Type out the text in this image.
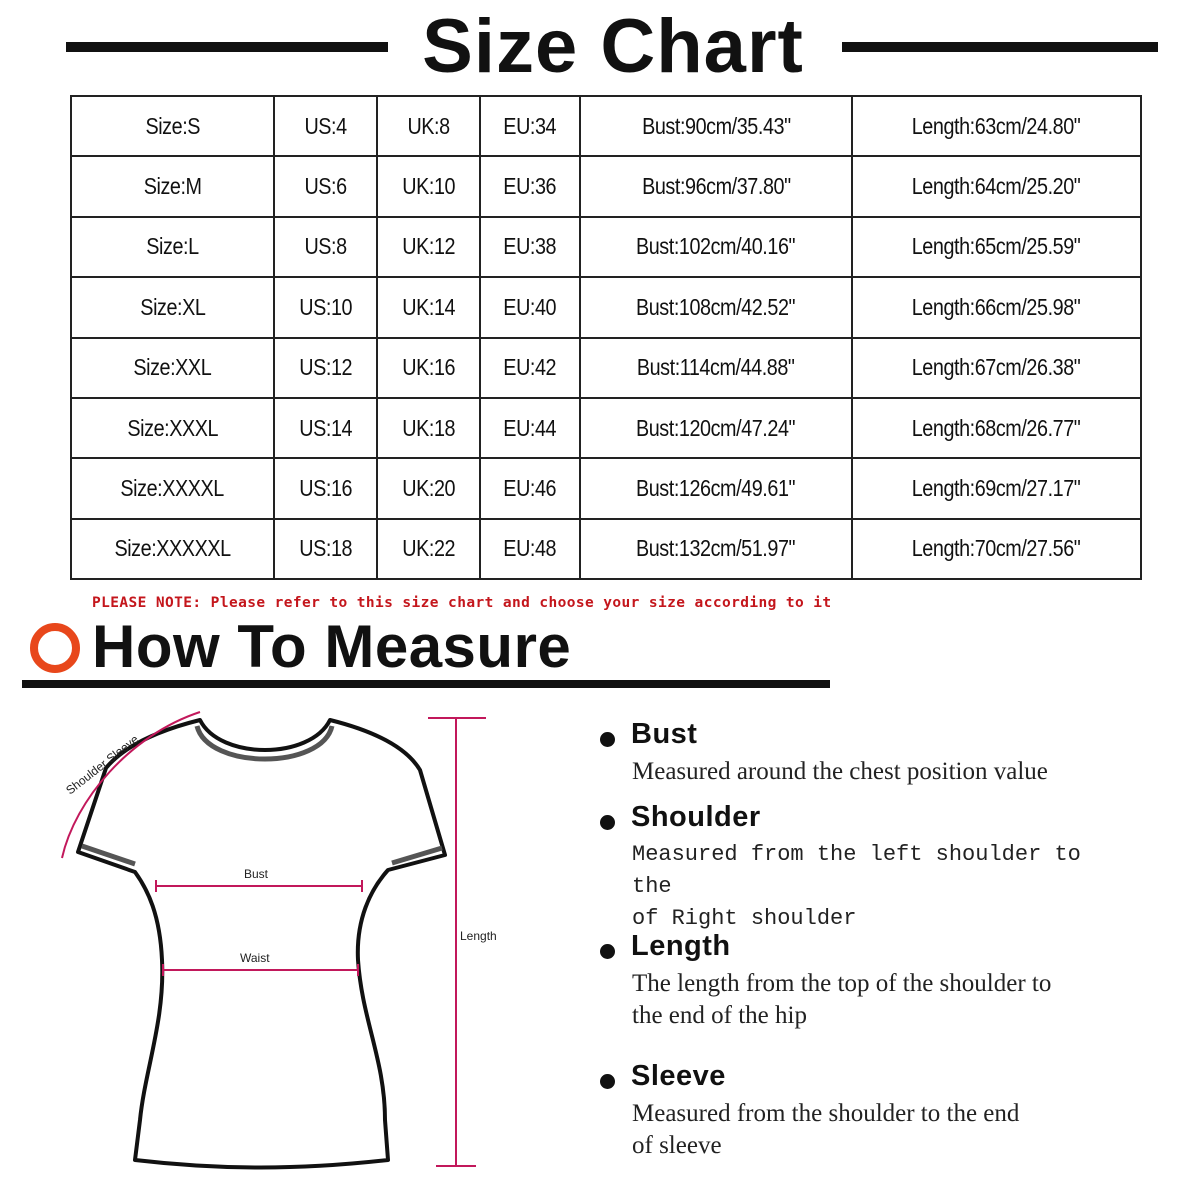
Size Chart
Size:S	US:4	UK:8	EU:34	Bust:90cm/35.43"	Length:63cm/24.80"
Size:M	US:6	UK:10	EU:36	Bust:96cm/37.80"	Length:64cm/25.20"
Size:L	US:8	UK:12	EU:38	Bust:102cm/40.16"	Length:65cm/25.59"
Size:XL	US:10	UK:14	EU:40	Bust:108cm/42.52"	Length:66cm/25.98"
Size:XXL	US:12	UK:16	EU:42	Bust:114cm/44.88"	Length:67cm/26.38"
Size:XXXL	US:14	UK:18	EU:44	Bust:120cm/47.24"	Length:68cm/26.77"
Size:XXXXL	US:16	UK:20	EU:46	Bust:126cm/49.61"	Length:69cm/27.17"
Size:XXXXXL	US:18	UK:22	EU:48	Bust:132cm/51.97"	Length:70cm/27.56"
PLEASE NOTE: Please refer to this size chart and choose your size according to it
How To Measure
Shoulder Sleeve
Bust
Waist
Length
Bust
Measured around the chest position value
Shoulder
Measured from the left shoulder to the
of Right shoulder
Length
The length from the top of the shoulder to
the end of the hip
Sleeve
Measured from the shoulder to the end
of sleeve
